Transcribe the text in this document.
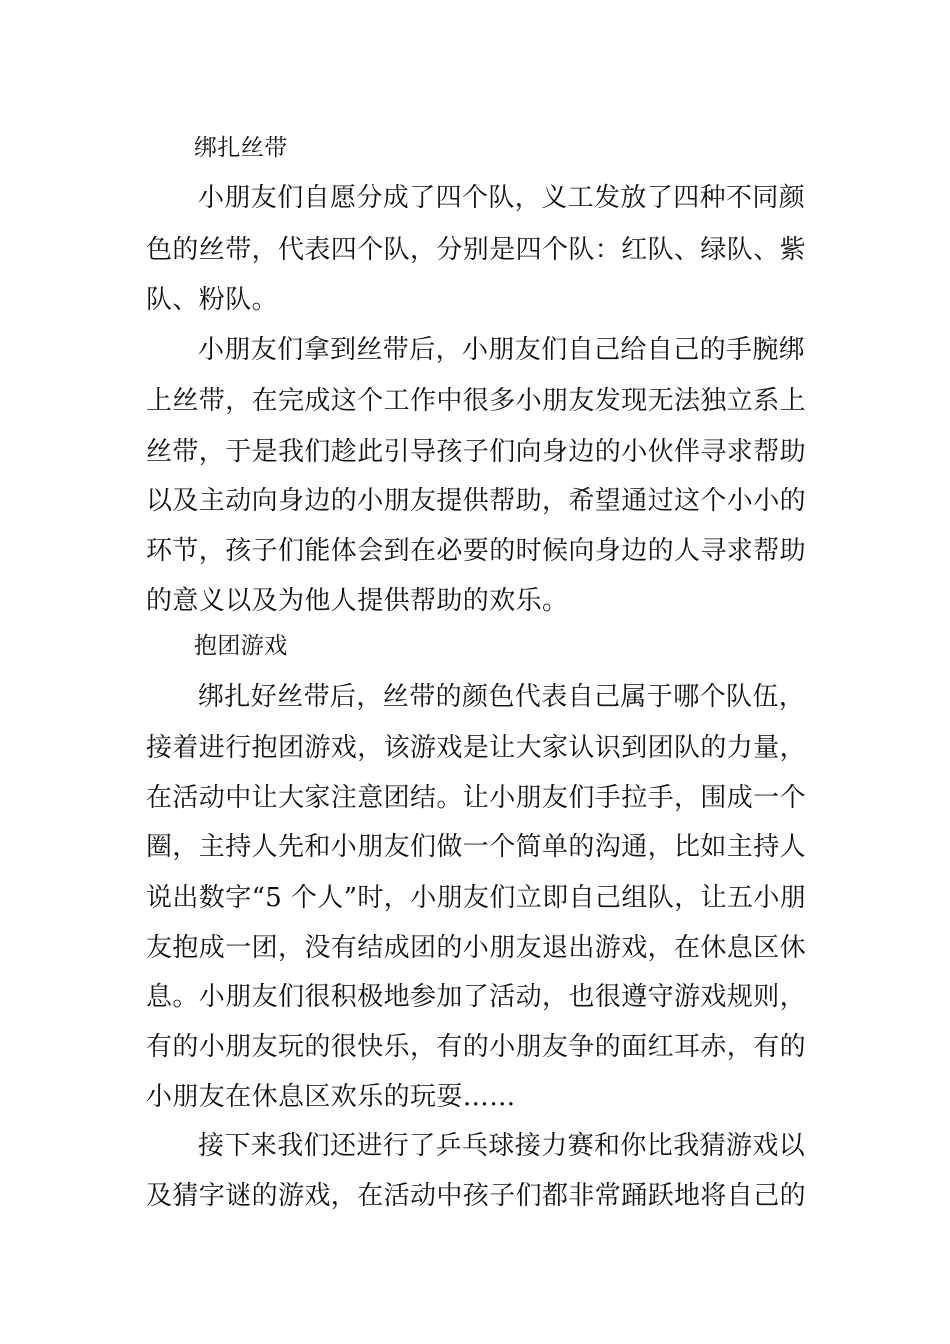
绑扎丝带
小朋友们自愿分成了四个队，义工发放了四种不同颜
色的丝带，代表四个队，分别是四个队：红队、绿队、紫
队、粉队。
小朋友们拿到丝带后，小朋友们自己给自己的手腕绑
上丝带，在完成这个工作中很多小朋友发现无法独立系上
丝带，于是我们趁此引导孩子们向身边的小伙伴寻求帮助
以及主动向身边的小朋友提供帮助，希望通过这个小小的
环节，孩子们能体会到在必要的时候向身边的人寻求帮助
的意义以及为他人提供帮助的欢乐。
抱团游戏
绑扎好丝带后，丝带的颜色代表自己属于哪个队伍，
接着进行抱团游戏，该游戏是让大家认识到团队的力量，
在活动中让大家注意团结。让小朋友们手拉手，围成一个
圈，主持人先和小朋友们做一个简单的沟通，比如主持人
说出数字“5 个人”时，小朋友们立即自己组队，让五小朋
友抱成一团，没有结成团的小朋友退出游戏，在休息区休
息。小朋友们很积极地参加了活动，也很遵守游戏规则，
有的小朋友玩的很快乐，有的小朋友争的面红耳赤，有的
小朋友在休息区欢乐的玩耍……
接下来我们还进行了乒乓球接力赛和你比我猜游戏以
及猜字谜的游戏，在活动中孩子们都非常踊跃地将自己的
